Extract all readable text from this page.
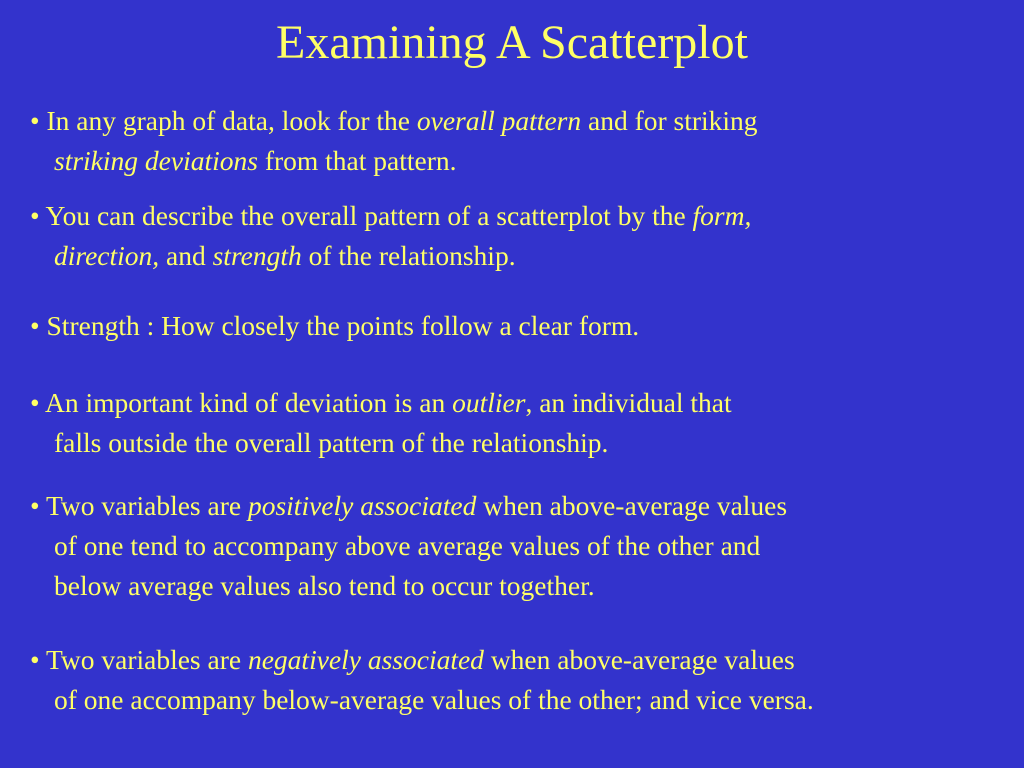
Examining A Scatterplot
• In any graph of data, look for the overall pattern and for striking
striking deviations from that pattern.
• You can describe the overall pattern of a scatterplot by the form,
direction, and strength of the relationship.
• Strength : How closely the points follow a clear form.
• An important kind of deviation is an outlier, an individual that
falls outside the overall pattern of the relationship.
• Two variables are positively associated when above-average values
of one tend to accompany above average values of the other and
below average values also tend to occur together.
• Two variables are negatively associated when above-average values
of one accompany below-average values of the other; and vice versa.
